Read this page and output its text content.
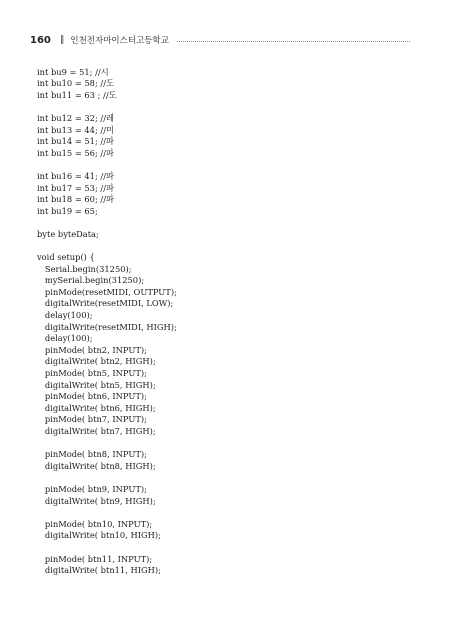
160 ‖ 인천전자마이스터고등학교
int bu9 = 51; //시
int bu10 = 58; //도
int bu11 = 63 ; //도
int bu12 = 32; //레
int bu13 = 44; //미
int bu14 = 51; //파
int bu15 = 56; //파
int bu16 = 41; //파
int bu17 = 53; //파
int bu18 = 60; //파
int bu19 = 65;
byte byteData;
void setup() {
Serial.begin(31250);
mySerial.begin(31250);
pinMode(resetMIDI, OUTPUT);
digitalWrite(resetMIDI, LOW);
delay(100);
digitalWrite(resetMIDI, HIGH);
delay(100);
pinMode( btn2, INPUT);
digitalWrite( btn2, HIGH);
pinMode( btn5, INPUT);
digitalWrite( btn5, HIGH);
pinMode( btn6, INPUT);
digitalWrite( btn6, HIGH);
pinMode( btn7, INPUT);
digitalWrite( btn7, HIGH);
pinMode( btn8, INPUT);
digitalWrite( btn8, HIGH);
pinMode( btn9, INPUT);
digitalWrite( btn9, HIGH);
pinMode( btn10, INPUT);
digitalWrite( btn10, HIGH);
pinMode( btn11, INPUT);
digitalWrite( btn11, HIGH);
